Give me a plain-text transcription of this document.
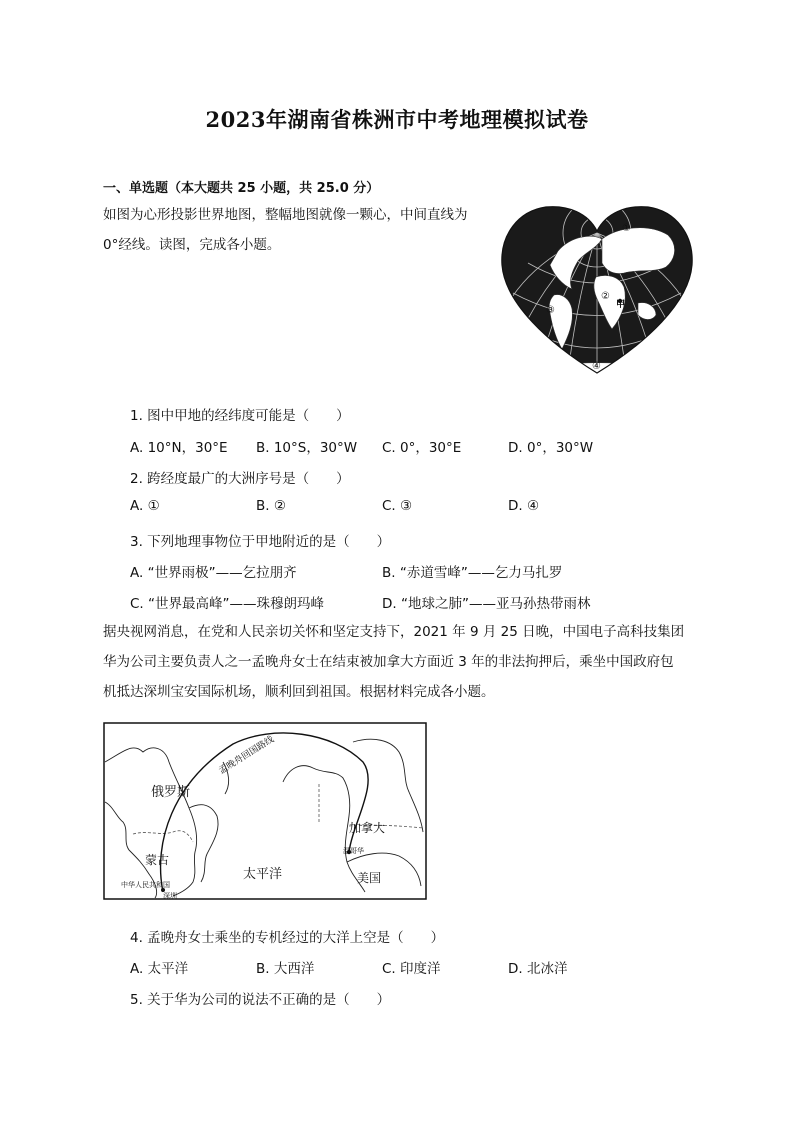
2023年湖南省株洲市中考地理模拟试卷
一、单选题（本大题共 25 小题，共 25.0 分）
如图为心形投影世界地图，整幅地图就像一颗心，中间直线为
0°经线。读图，完成各小题。
①
②
③
④
甲
1. 图中甲地的经纬度可能是（　　）
A. 10°N，30°E B. 10°S，30°W C. 0°，30°E	D. 0°，30°W
2. 跨经度最广的大洲序号是（　　）
A. ①	B. ②	C. ③	D. ④
3. 下列地理事物位于甲地附近的是（　　）
A. “世界雨极”——乞拉朋齐	B. “赤道雪峰”——乞力马扎罗
C. “世界最高峰”——珠穆朗玛峰	D. “地球之肺”——亚马孙热带雨林
据央视网消息，在党和人民亲切关怀和坚定支持下，2021 年 9 月 25 日晚，中国电子高科技集团
华为公司主要负责人之一孟晚舟女士在结束被加拿大方面近 3 年的非法拘押后，乘坐中国政府包
机抵达深圳宝安国际机场，顺利回到祖国。根据材料完成各小题。
孟晚舟回国路线
俄罗斯
加拿大
蒙古
太平洋	美国
温哥华
中华人民共和国
深圳
4. 孟晚舟女士乘坐的专机经过的大洋上空是（　　）
A. 太平洋	B. 大西洋	C. 印度洋	D. 北冰洋
5. 关于华为公司的说法不正确的是（　　）
